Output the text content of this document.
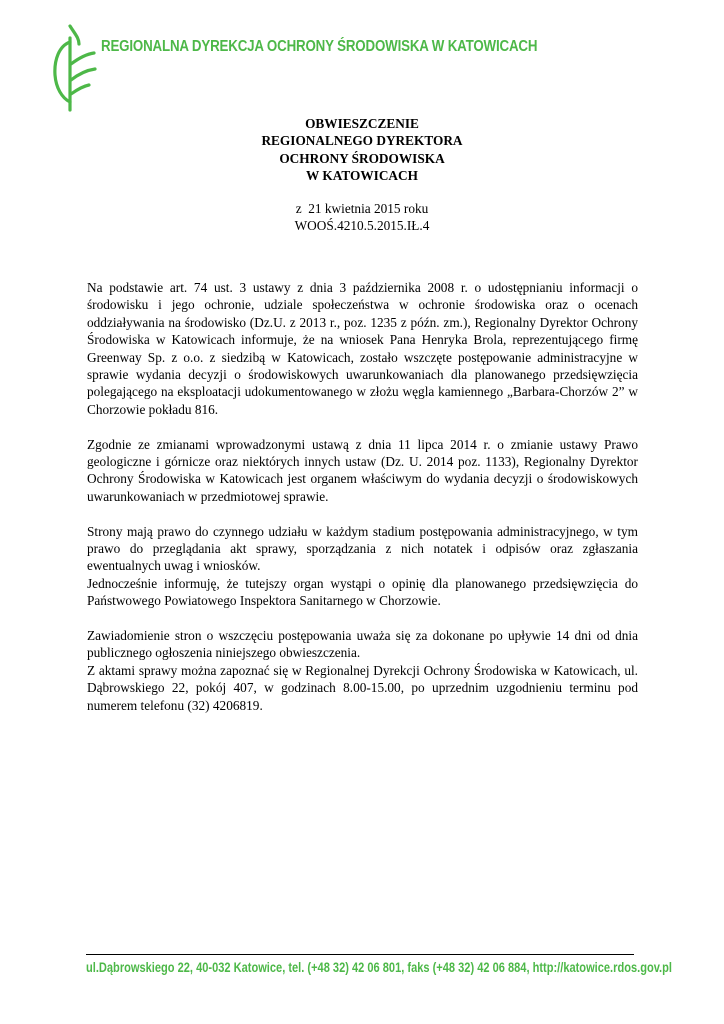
REGIONALNA DYREKCJA OCHRONY ŚRODOWISKA W KATOWICACH
OBWIESZCZENIE
REGIONALNEGO DYREKTORA
OCHRONY ŚRODOWISKA
W KATOWICACH
z  21 kwietnia 2015 roku
WOOŚ.4210.5.2015.IŁ.4

Na podstawie art. 74 ust. 3 ustawy z dnia 3 października 2008 r. o udostępnianiu informacji o środowisku i jego ochronie, udziale społeczeństwa w ochronie środowiska oraz o ocenach oddziaływania na środowisko (Dz.U. z 2013 r., poz. 1235 z późn. zm.), Regionalny Dyrektor Ochrony Środowiska w Katowicach informuje, że na wniosek Pana Henryka Brola, reprezentującego firmę Greenway Sp. z o.o. z siedzibą w Katowicach, zostało wszczęte postępowanie administracyjne w sprawie wydania decyzji o środowiskowych uwarunkowaniach dla planowanego przedsięwzięcia polegającego na eksploatacji udokumentowanego w złożu węgla kamiennego „Barbara-Chorzów 2” w Chorzowie pokładu 816.

Zgodnie ze zmianami wprowadzonymi ustawą z dnia 11 lipca 2014 r. o zmianie ustawy Prawo geologiczne i górnicze oraz niektórych innych ustaw (Dz. U. 2014 poz. 1133), Regionalny Dyrektor Ochrony Środowiska w Katowicach jest organem właściwym do wydania decyzji o środowiskowych uwarunkowaniach w przedmiotowej sprawie.

Strony mają prawo do czynnego udziału w każdym stadium postępowania administracyjnego, w tym prawo do przeglądania akt sprawy, sporządzania z nich notatek i odpisów oraz zgłaszania ewentualnych uwag i wniosków.

Jednocześnie informuję, że tutejszy organ wystąpi o opinię dla planowanego przedsięwzięcia do Państwowego Powiatowego Inspektora Sanitarnego w Chorzowie.

Zawiadomienie stron o wszczęciu postępowania uważa się za dokonane po upływie 14 dni od dnia publicznego ogłoszenia niniejszego obwieszczenia.

Z aktami sprawy można zapoznać się w Regionalnej Dyrekcji Ochrony Środowiska w Katowicach, ul. Dąbrowskiego 22, pokój 407, w godzinach 8.00-15.00, po uprzednim uzgodnieniu terminu pod numerem telefonu (32) 4206819.

ul.Dąbrowskiego 22, 40-032 Katowice, tel. (+48 32) 42 06 801, faks (+48 32) 42 06 884, http://katowice.rdos.gov.pl
